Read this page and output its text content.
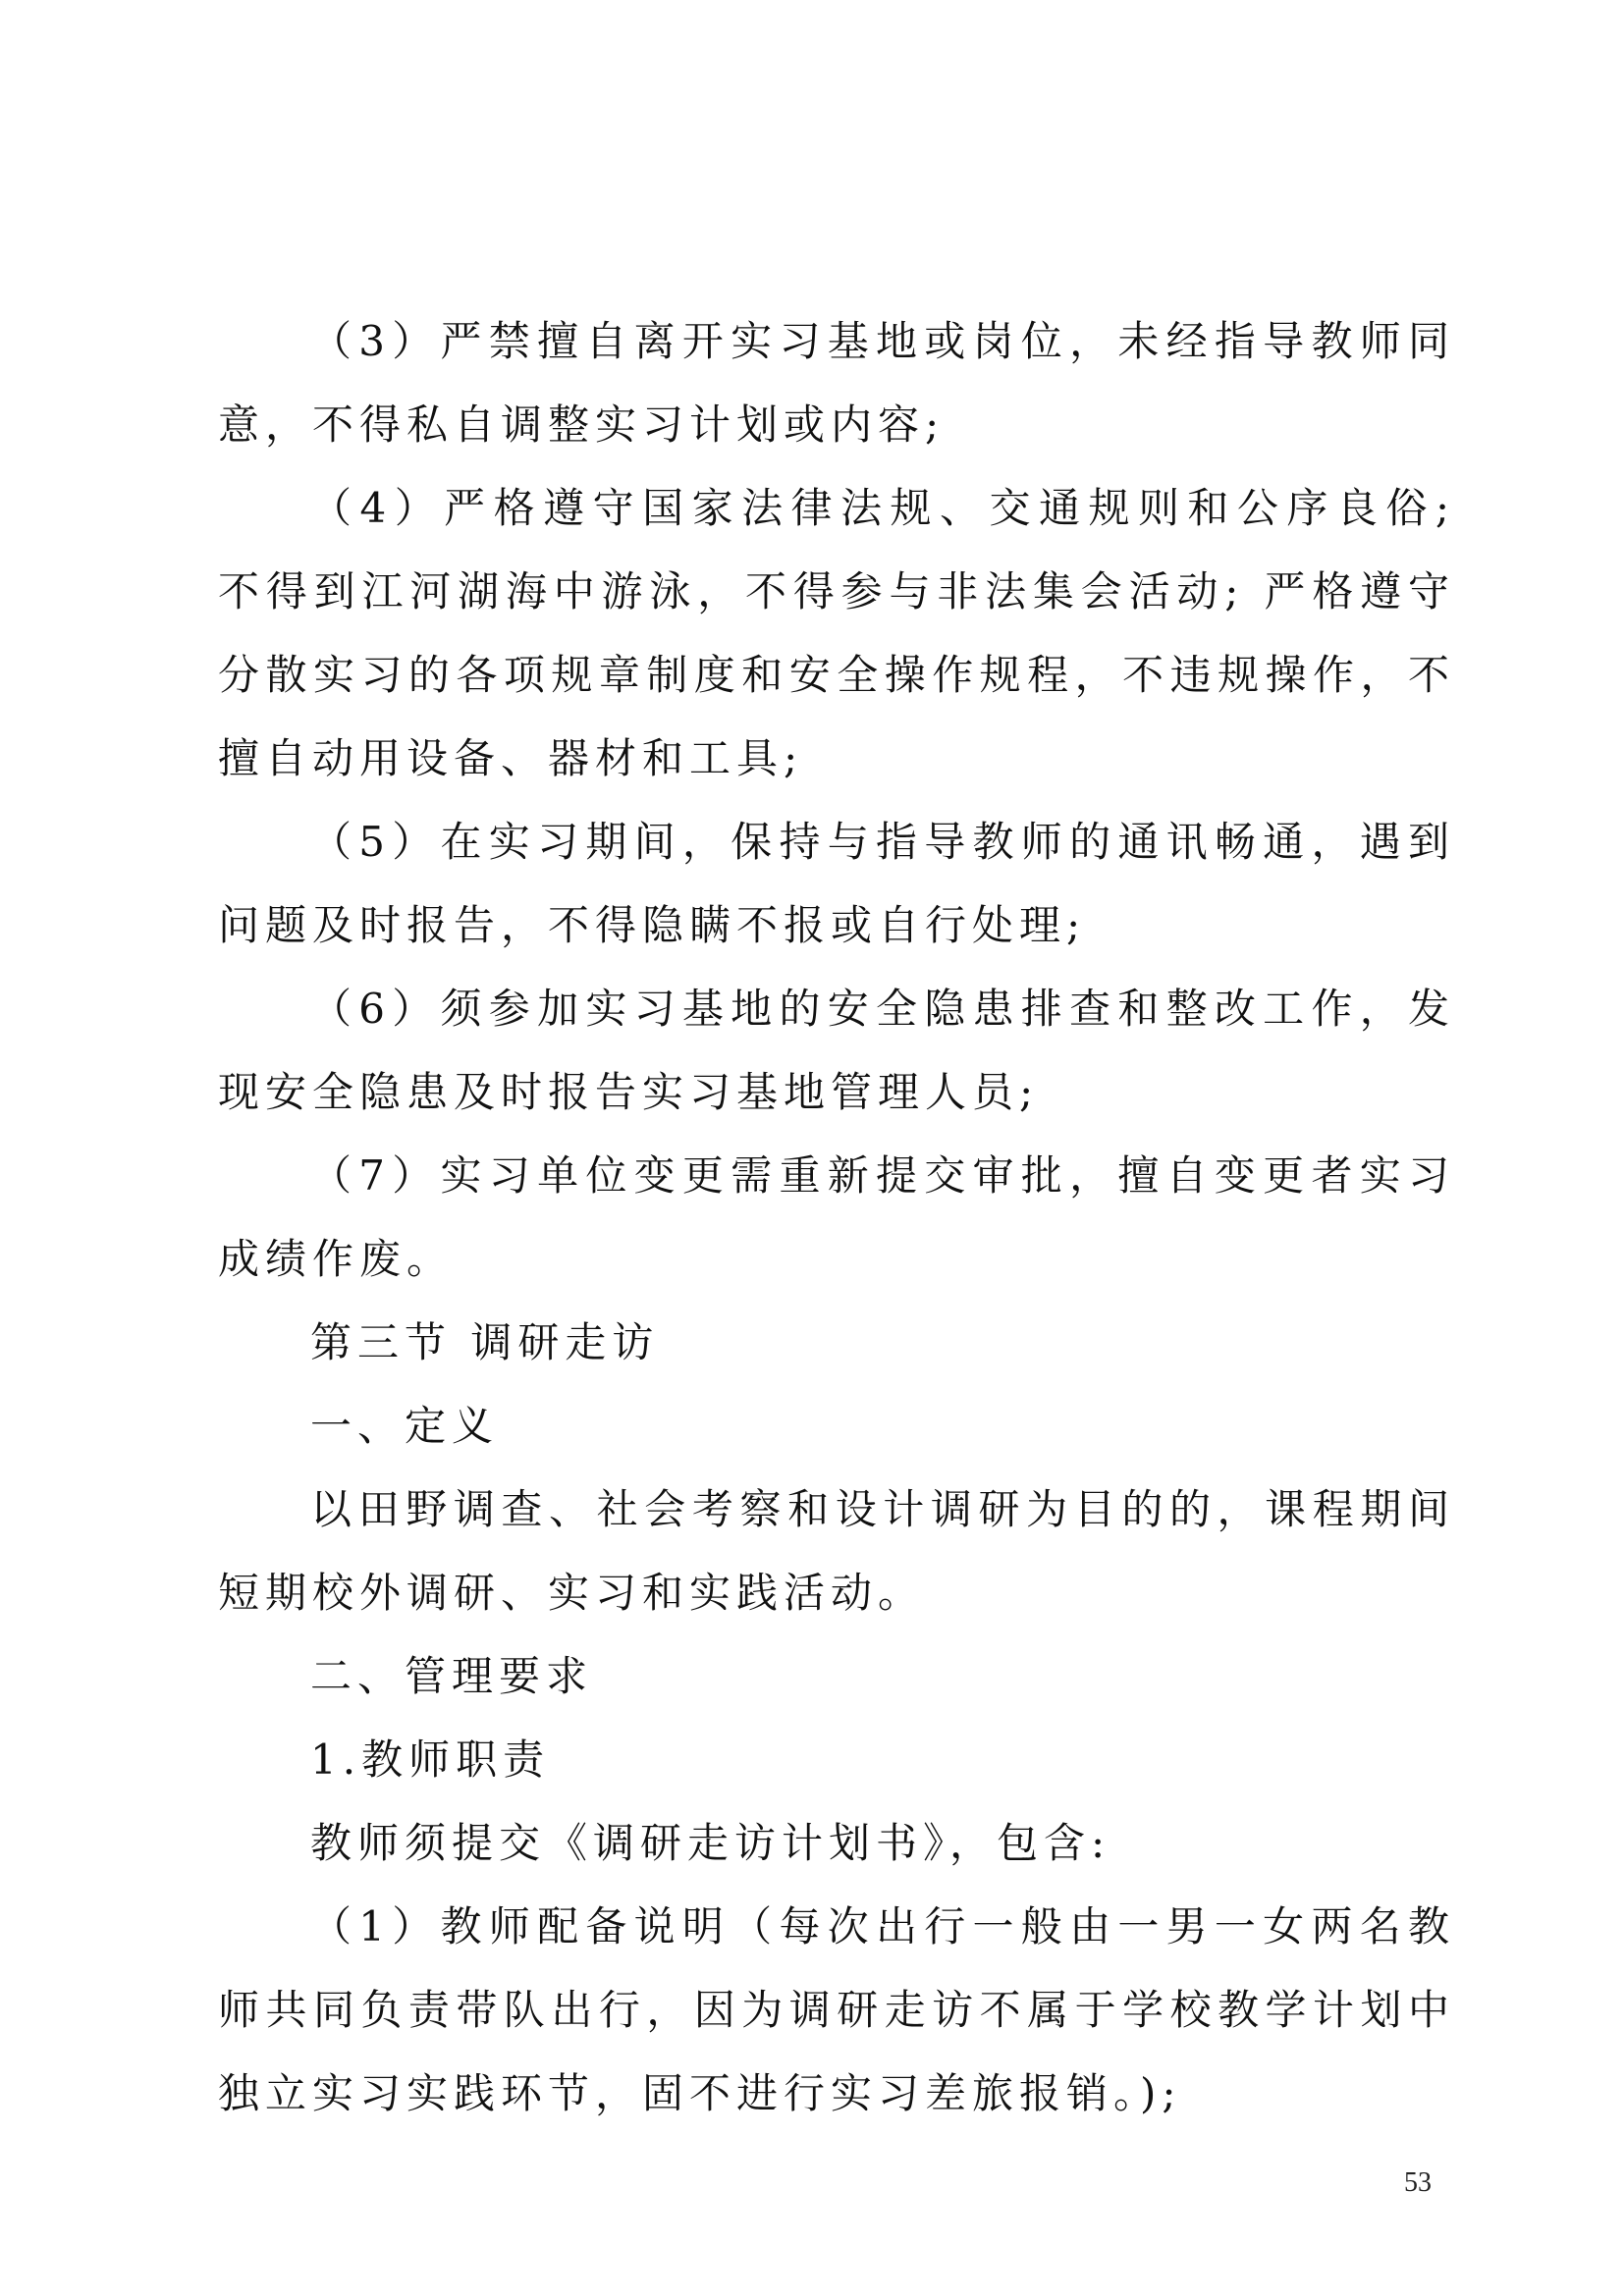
（3）严禁擅自离开实习基地或岗位，未经指导教师同意，不得私自调整实习计划或内容;

（4）严格遵守国家法律法规、交通规则和公序良俗; 不得到江河湖海中游泳，不得参与非法集会活动; 严格遵守分散实习的各项规章制度和安全操作规程，不违规操作，不擅自动用设备、器材和工具;

（5）在实习期间，保持与指导教师的通讯畅通，遇到问题及时报告，不得隐瞒不报或自行处理;

（6）须参加实习基地的安全隐患排查和整改工作，发现安全隐患及时报告实习基地管理人员;

（7）实习单位变更需重新提交审批，擅自变更者实习成绩作废。

第三节 调研走访

一、定义

以田野调查、社会考察和设计调研为目的的，课程期间短期校外调研、实习和实践活动。

二、管理要求

1.教师职责

教师须提交《调研走访计划书》，包含:

（1）教师配备说明（每次出行一般由一男一女两名教师共同负责带队出行，因为调研走访不属于学校教学计划中独立实习实践环节，固不进行实习差旅报销。);

53
